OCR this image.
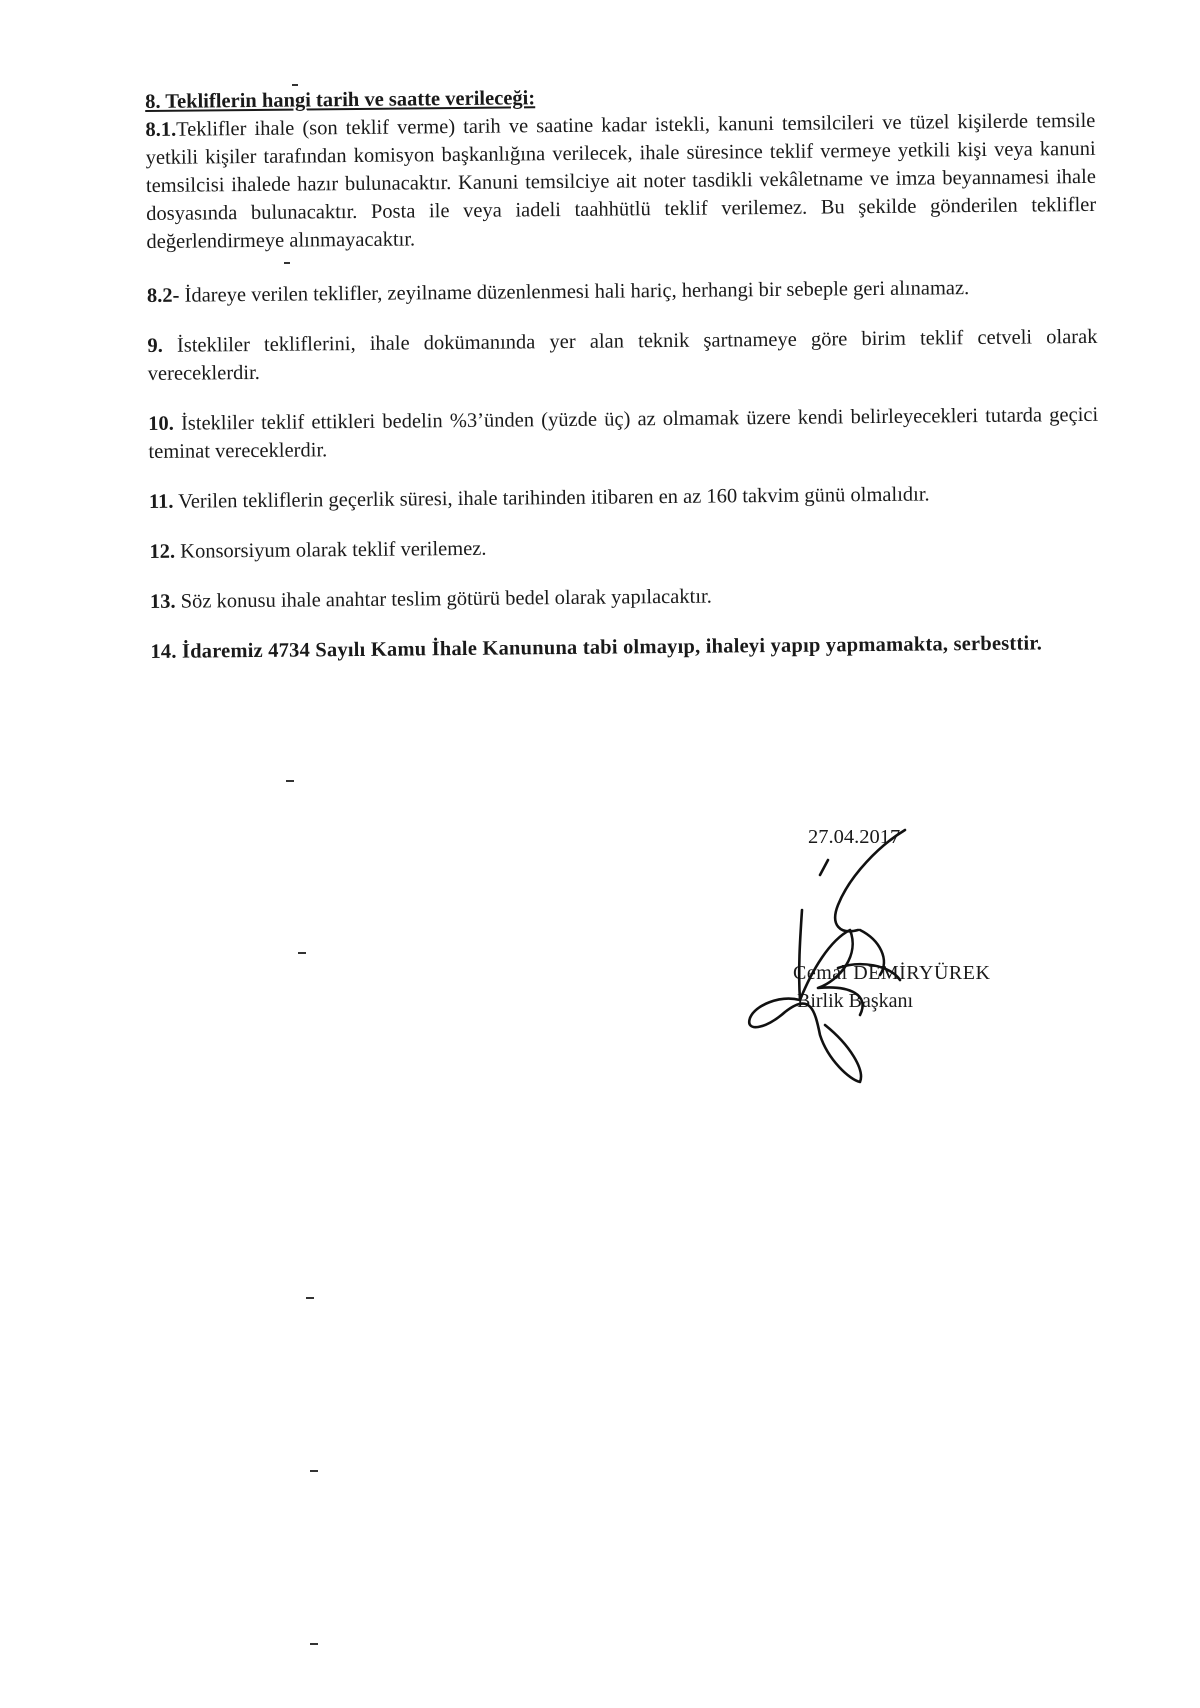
8. Tekliflerin hangi tarih ve saatte verileceği:

8.1.Teklifler ihale (son teklif verme) tarih ve saatine kadar istekli, kanuni temsilcileri ve tüzel kişilerde temsile yetkili kişiler tarafından komisyon başkanlığına verilecek, ihale süresince teklif vermeye yetkili kişi veya kanuni temsilcisi ihalede hazır bulunacaktır. Kanuni temsilciye ait noter tasdikli vekâletname ve imza beyannamesi ihale dosyasında bulunacaktır. Posta ile veya iadeli taahhütlü teklif verilemez. Bu şekilde gönderilen teklifler değerlendirmeye alınmayacaktır.

8.2- İdareye verilen teklifler, zeyilname düzenlenmesi hali hariç, herhangi bir sebeple geri alınamaz.

9. İstekliler tekliflerini, ihale dokümanında yer alan teknik şartnameye göre birim teklif cetveli olarak vereceklerdir.

10. İstekliler teklif ettikleri bedelin %3’ünden (yüzde üç) az olmamak üzere kendi belirleyecekleri tutarda geçici teminat vereceklerdir.

11. Verilen tekliflerin geçerlik süresi, ihale tarihinden itibaren en az 160 takvim günü olmalıdır.

12. Konsorsiyum olarak teklif verilemez.

13. Söz konusu ihale anahtar teslim götürü bedel olarak yapılacaktır.

14. İdaremiz 4734 Sayılı Kamu İhale Kanununa tabi olmayıp, ihaleyi yapıp yapmamakta, serbesttir.

27.04.2017
Cemal DEMİRYÜREK
Birlik Başkanı
